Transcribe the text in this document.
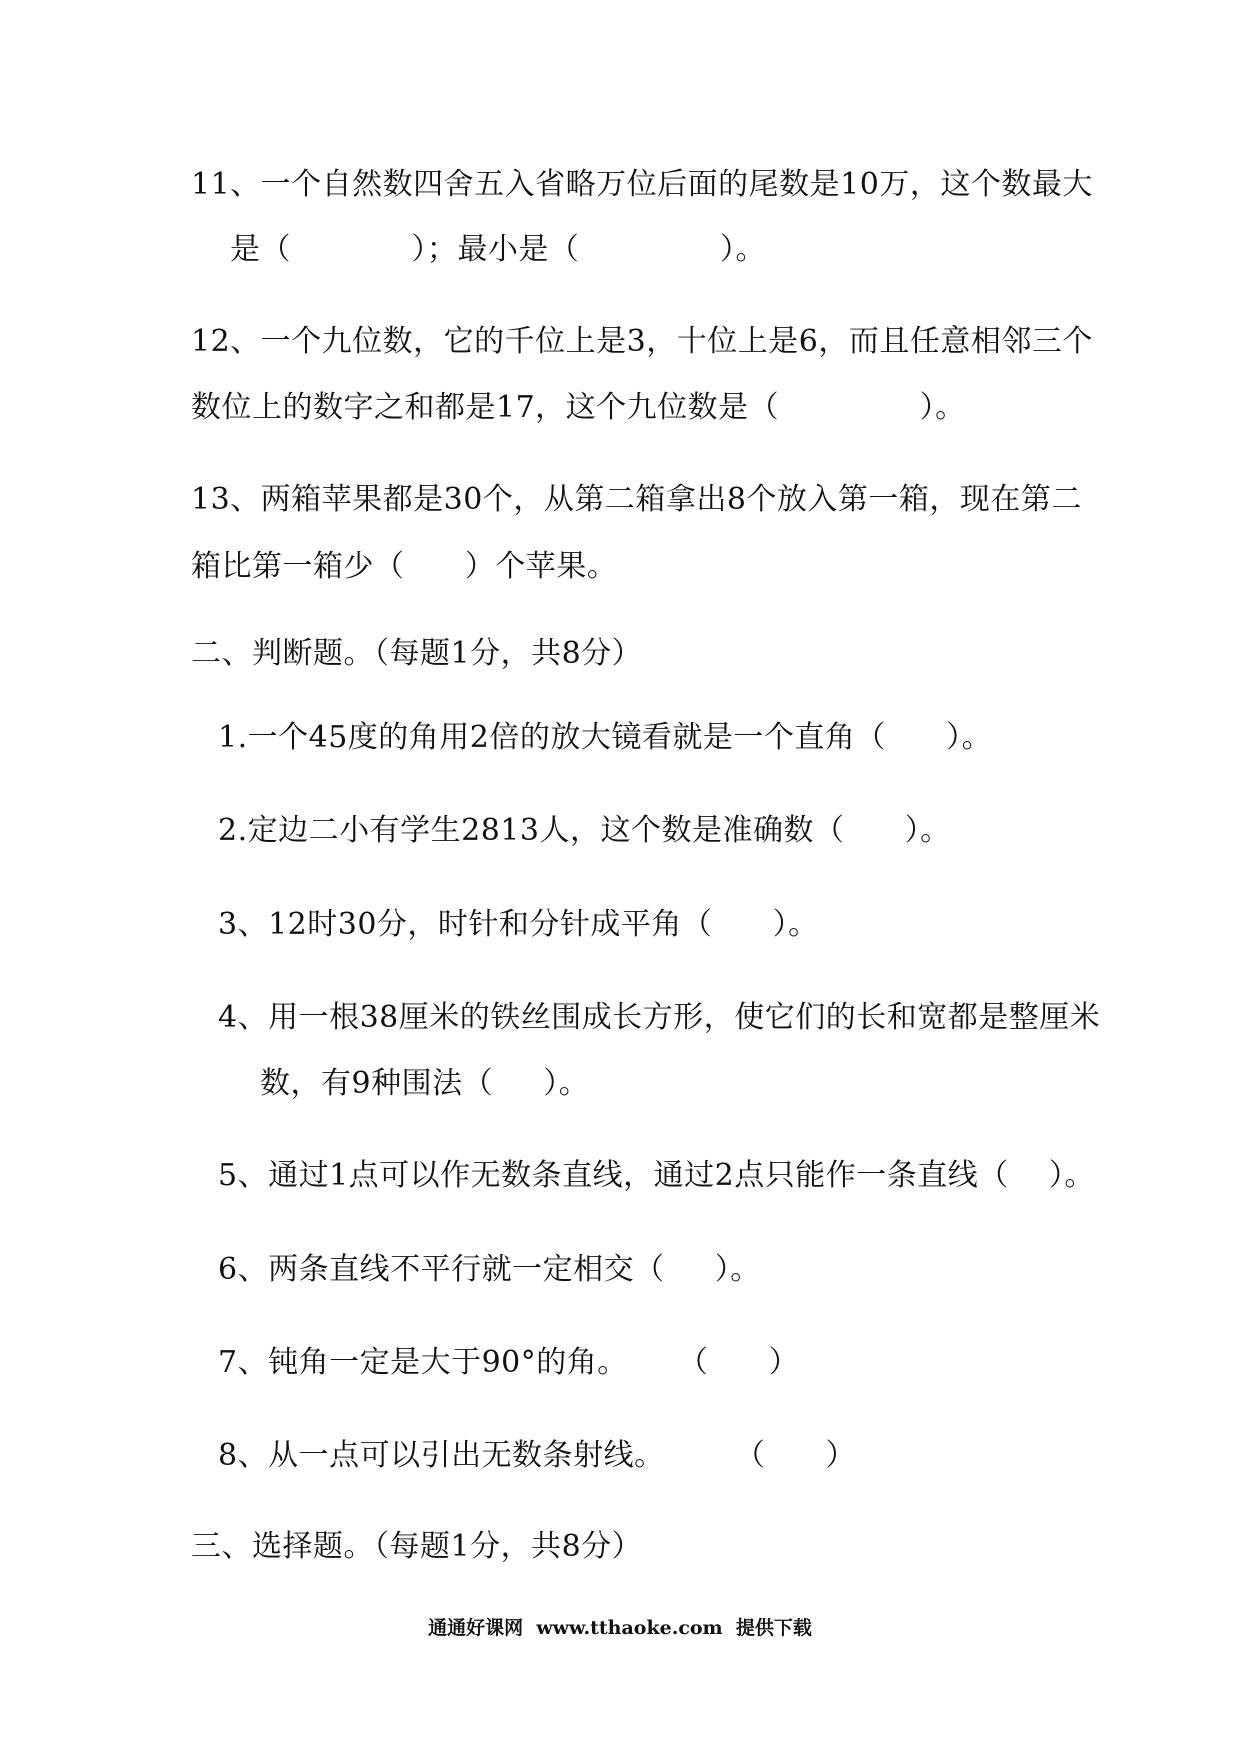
11、一个自然数四舍五入省略万位后面的尾数是10万，这个数最大
是（            ）；最小是（              ）。
12、一个九位数，它的千位上是3，十位上是6，而且任意相邻三个
数位上的数字之和都是17，这个九位数是（              ）。
13、两箱苹果都是30个，从第二箱拿出8个放入第一箱，现在第二
箱比第一箱少（      ）个苹果。
二、判断题。（每题1分，共8分）
1.一个45度的角用2倍的放大镜看就是一个直角（      ）。
2.定边二小有学生2813人，这个数是准确数（      ）。
3、12时30分，时针和分针成平角（      ）。
4、用一根38厘米的铁丝围成长方形，使它们的长和宽都是整厘米
数，有9种围法（     ）。
5、通过1点可以作无数条直线，通过2点只能作一条直线（    ）。
6、两条直线不平行就一定相交（     ）。
7、钝角一定是大于90°的角。     （      ）
8、从一点可以引出无数条射线。       （      ）
三、选择题。（每题1分，共8分）
通通好课网  www.tthaoke.com  提供下载
